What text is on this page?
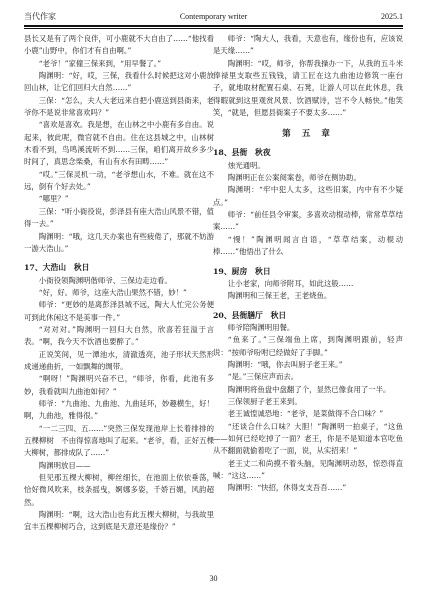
当代作家	Contemporary writer	2025.1

县长又是有了两个良伴，可小鹿就不大自由了……“他找看小鹿”山野中，你们才有自由啊。”

“老爷！”家僮三保来到，“用早餐了。”

陶渊明：“好，哎，三保，我看什么时候把这对小鹿放回山林，让它们回归大自然……”

三保：“怎么，夫人大老远来自把小鹿送到县衙来，老爷你不是说非常喜欢吗？”

“喜欢是喜欢。我是想，在山林之中小鹿有多自由。说起来，彼此呢，微官就不自由。住在这县城之中，山林树木看不到，鸟鸣溪流听不到……三保，咱们离开故乡多少时间了，真思念柴桑，有山有水有田畴……”

“哎。”三保灵机一动，“老爷想山水，不难。就在这不远，倒有个好去处。”

“哪里？”

三保：“听小衙役说，彭泽县有座大浩山风景不错，值得一去。”

陶渊明：“哦，这几天办案也有些疲倦了，那就不妨游一游大浩山。”

17、大浩山　秋日

小衙役领陶渊明偕师爷、三保边走边看。

“好，好。师爷，这座大浩山果然不错，妙！”

师爷：“更妙的是离彭泽县城不远，陶大人忙完公务便可到此休闲这不是美事一件。”

“对对对。”陶渊明一回归大自然，欣喜若狂溢于言表。“啊，我今天不饮酒也要醉了。”

正说笑间，见一潭池水，清澈透亮，池子形状天然形成递递曲折，一如飘舞的绸带。

“啊呀！”陶渊明兴奋不已，“师爷，你看，此池有多妙，我看就叫九曲池如何？”

师爷：“九曲池、九曲池、九曲延环，妙趣横生，好！啊，九曲池，雅得很。”

“一二三四、五……”突然三保发现池岸上长着排排的五棵柳树　不由得惊喜地叫了起来。“老爷，看，正好五棵大柳树，都排成队了……”

陶渊明放目——

但见那五棵大柳树，柳丝细长，在池面上依依垂荡，恰好微风吹来，枝条摇曳，婀娜多姿，千娇百媚，风韵超然。

陶渊明：“啊，这大浩山也有此五棵大柳树，与我故里宜丰五棵柳树巧合，这到底是天意还是缘份？”

师爷：“陶大人，我看，天意也有，缘份也有，应该说是天缘……”

陶渊明：“哎，师爷，你帮我操办一下，从我的五斗米俸禄里支取些五钱钱，请工匠在这九曲池边修筑一座台子，就地取材配置石桌、石凳，让游人可以在此休息，我得暇就到这里观赏风景、饮酒赋诗，岂不令人畅快。”他笑笑，“就是，但愿县衙案子不要太多……”

第 五 章
18、县衙　秋夜

烛光通明。

陶渊明正在公案阅案卷，师爷在侧协助。

陶渊明：“牢中犯人太多，这些旧案，内中有不少疑点。”

师爷：“前任县令审案，多喜欢动棍动棒，常常草草结案……”

“慢！”陶渊明闻言自语，“草草结案，动棍动棒……”他悟出了什么

19、厨房　秋日

让小老家，向师爷附耳，如此这般……

陶渊明和三保王老，王老烧鱼。

20、县衙膳厅　秋日

师爷陪陶渊明用餐。

“鱼来了。”三保端鱼上席，到陶渊明跟前，轻声说：“按师爷吩咐已经做好了手脚。”

陶渊明：“哦，你去叫厨子老王来。”

“是。”三保应声而去。

陶渊明将鱼盘中盘翻了个，显然已像食用了一半。

三保领厨子老王来到。

老王诚惶诚恐地：“老爷，是菜做得不合口味？”

“还谈合什么口味？大胆！”陶渊明一拍桌子，“这鱼——如何已经吃掉了一面？老王，你是不是知道本官吃鱼从不翻面就偷着吃了一面，说，从实招来！”

老王丈二和尚摸不着头脑，见陶渊明动怒，惊恐得直喊：“这这……”

陶渊明：“快招，休得支支吾吾……”

30
